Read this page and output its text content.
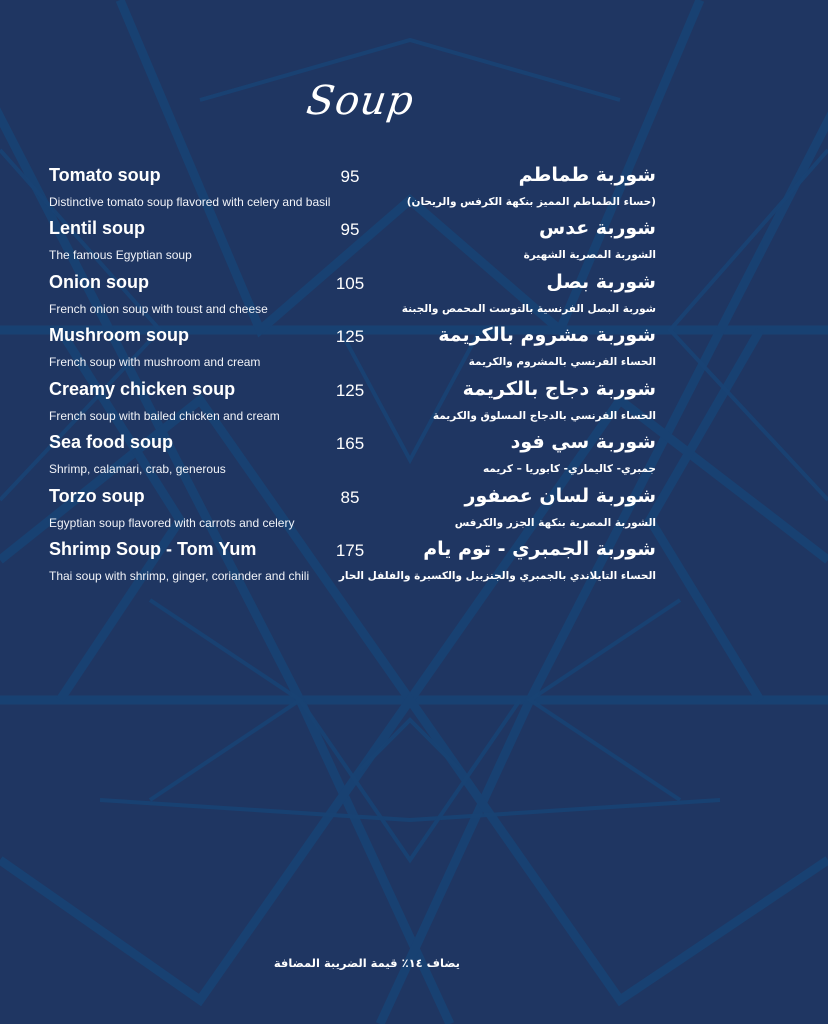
Soup
Tomato soup	95
Distinctive tomato soup flavored with celery and basil
شوربة طماطم
(حساء الطماطم المميز بنكهة الكرفس والريحان)
Lentil soup	95
The famous Egyptian soup
شوربة عدس
الشوربة المصرية الشهيرة
Onion soup	105
French onion soup with toust and cheese
شوربة بصل
شوربة البصل الفرنسية بالتوست المحمص والجبنة
Mushroom soup	125
French soup with mushroom and cream
شوربة مشروم بالكريمة
الحساء الفرنسي بالمشروم والكريمة
Creamy chicken soup	125
French soup with bailed chicken and cream
شوربة دجاج بالكريمة
الحساء الفرنسي بالدجاج المسلوق والكريمة
Sea food soup	165
Shrimp, calamari, crab, generous
شوربة سي فود
جمبري- كاليماري- كابوريا – كريمه
Torzo soup	85
Egyptian soup flavored with carrots and celery
شوربة لسان عصفور
الشوربة المصرية بنكهة الجزر والكرفس
Shrimp Soup - Tom Yum	175
Thai soup with shrimp, ginger, coriander and chili
شوربة الجمبري - توم يام
الحساء التايلاندي بالجمبري والجنزبيل والكسبرة والفلفل الحار
يضاف ١٤٪ قيمة الضريبة المضافة
